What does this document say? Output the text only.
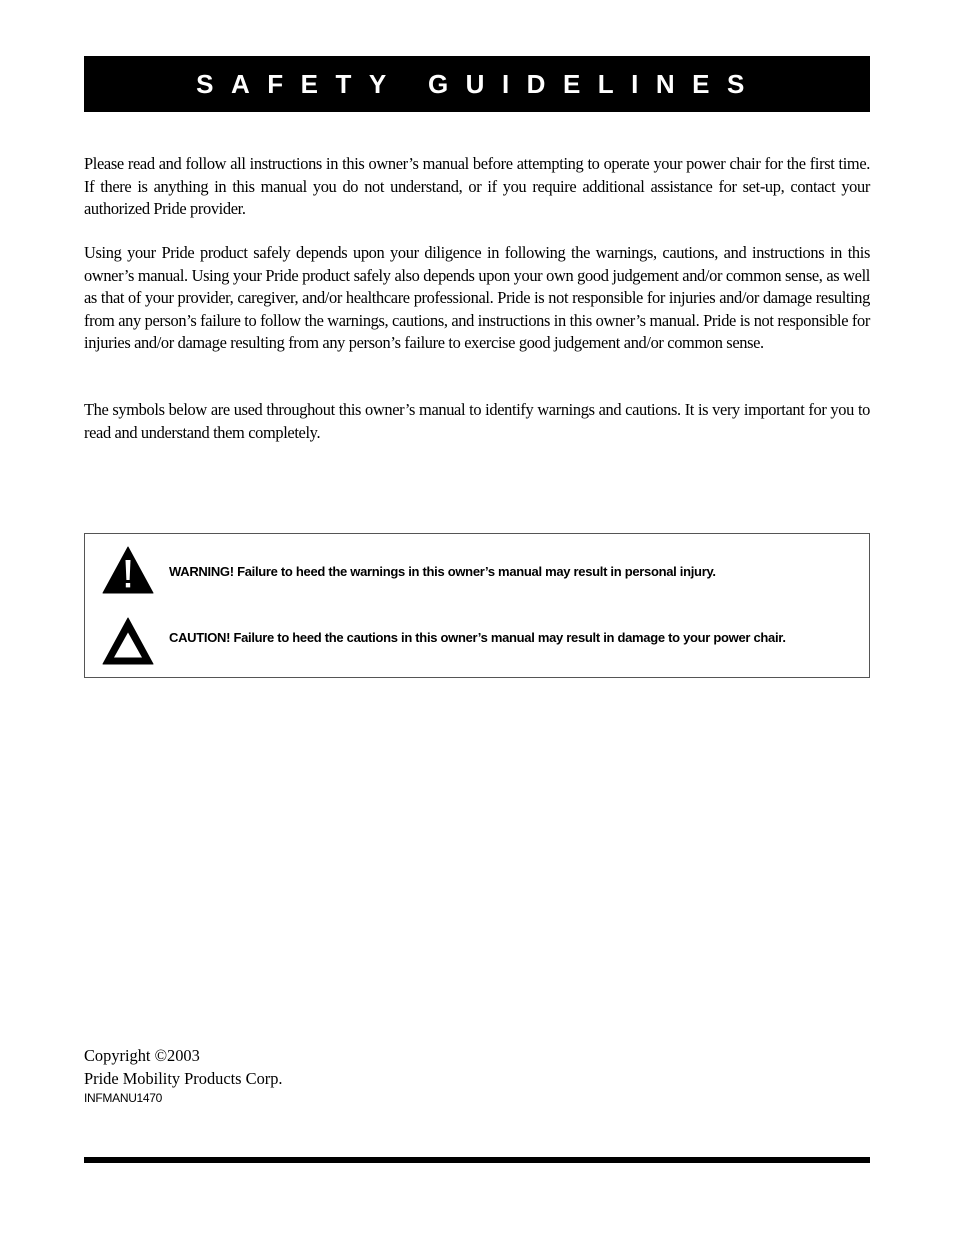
SAFETY GUIDELINES

Please read and follow all instructions in this owner’s manual before attempting to operate your power chair for the first time. If there is anything in this manual you do not understand, or if you require additional assistance for set-up, contact your authorized Pride provider.

Using your Pride product safely depends upon your diligence in following the warnings, cautions, and instructions in this owner’s manual. Using your Pride product safely also depends upon your own good judgement and/or common sense, as well as that of your provider, caregiver, and/or healthcare professional. Pride is not responsible for injuries and/or damage resulting from any person’s failure to follow the warnings, cautions, and instructions in this owner’s manual. Pride is not responsible for injuries and/or damage resulting from any person’s failure to exercise good judgement and/or common sense.

The symbols below are used throughout this owner’s manual to identify warnings and cautions. It is very important for you to read and understand them completely.

WARNING! Failure to heed the warnings in this owner’s manual may result in personal injury.
CAUTION! Failure to heed the cautions in this owner’s manual may result in damage to your power chair.
Copyright ©2003
Pride Mobility Products Corp.
INFMANU1470
